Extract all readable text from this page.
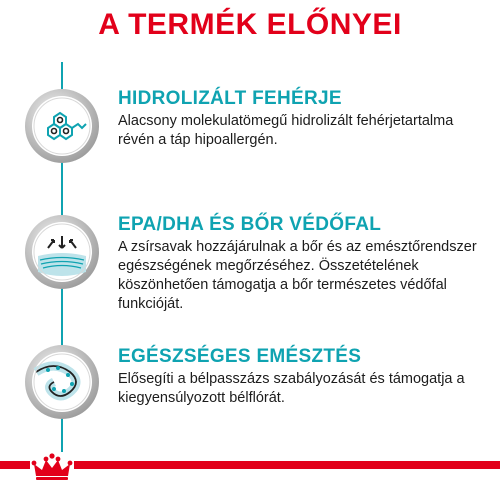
A TERMÉK ELŐNYEI
HIDROLIZÁLT FEHÉRJE
Alacsony molekulatömegű hidrolizált fehérjetartalma révén a táp hipoallergén.
EPA/DHA ÉS BŐR VÉDŐFAL
A zsírsavak hozzájárulnak a bőr és az emésztőrendszer egészségének megőrzéséhez. Összetételének köszönhetően támogatja a bőr természetes védőfal funkcióját.
EGÉSZSÉGES EMÉSZTÉS
Elősegíti a bélpasszázs szabályozását és támogatja a kiegyensúlyozott bélflórát.
